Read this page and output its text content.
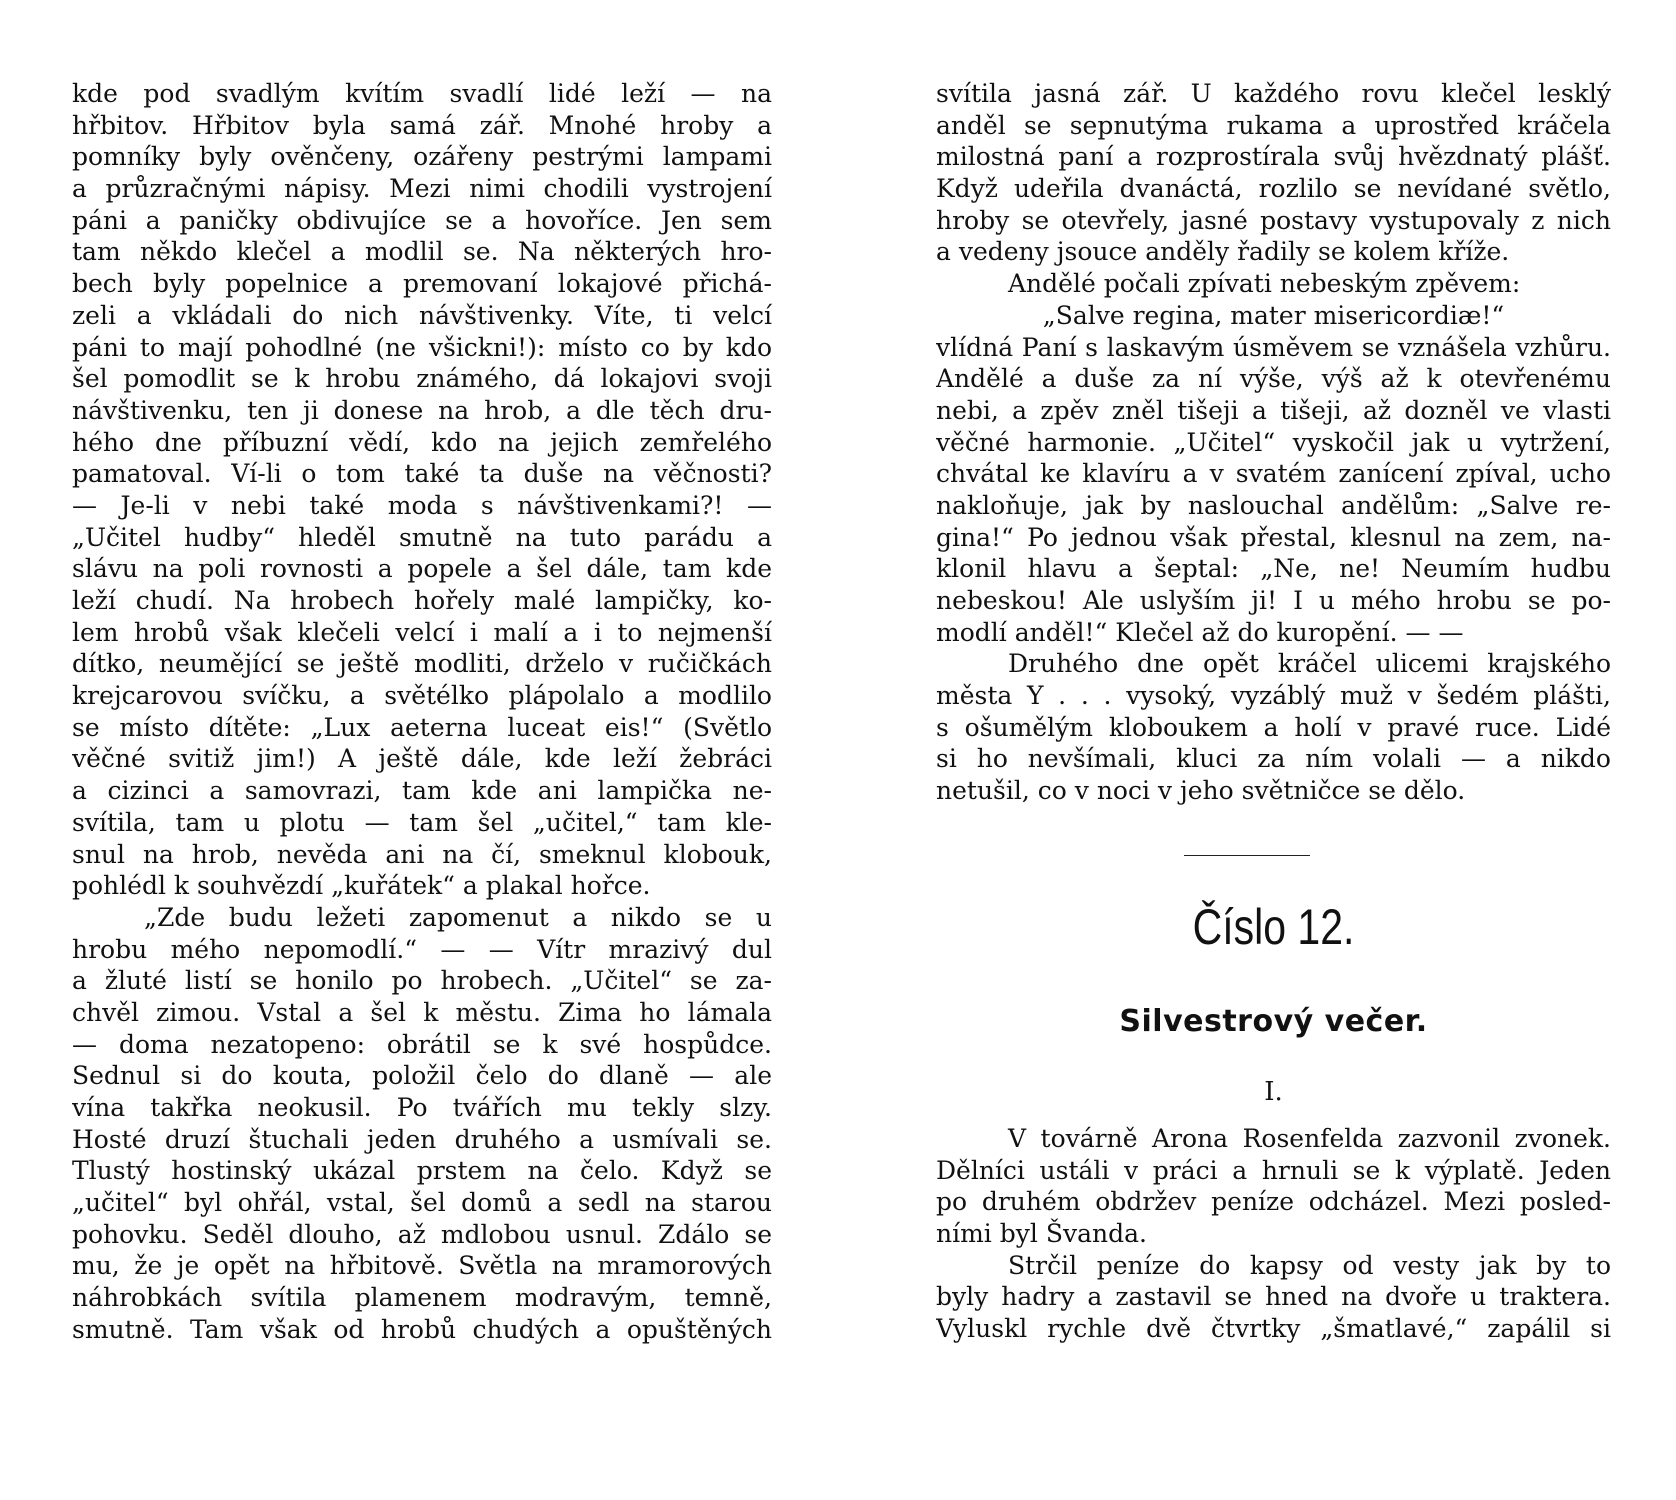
kde pod svadlým kvítím svadlí lidé leží — na
hřbitov. Hřbitov byla samá zář. Mnohé hroby a
pomníky byly ověnčeny, ozářeny pestrými lampami
a průzračnými nápisy. Mezi nimi chodili vystrojení
páni a paničky obdivujíce se a hovoříce. Jen sem
tam někdo klečel a modlil se. Na některých hro-
bech byly popelnice a premovaní lokajové přichá-
zeli a vkládali do nich návštivenky. Víte, ti velcí
páni to mají pohodlné (ne všickni!): místo co by kdo
šel pomodlit se k hrobu známého, dá lokajovi svoji
návštivenku, ten ji donese na hrob, a dle těch dru-
hého dne příbuzní vědí, kdo na jejich zemřelého
pamatoval. Ví-li o tom také ta duše na věčnosti?
— Je-li v nebi také moda s návštivenkami?! —
„Učitel hudby“ hleděl smutně na tuto parádu a
slávu na poli rovnosti a popele a šel dále, tam kde
leží chudí. Na hrobech hořely malé lampičky, ko-
lem hrobů však klečeli velcí i malí a i to nejmenší
dítko, neumějící se ještě modliti, drželo v ručičkách
krejcarovou svíčku, a světélko plápolalo a modlilo
se místo dítěte: „Lux aeterna luceat eis!“ (Světlo
věčné svitiž jim!) A ještě dále, kde leží žebráci
a cizinci a samovrazi, tam kde ani lampička ne-
svítila, tam u plotu — tam šel „učitel,“ tam kle-
snul na hrob, nevěda ani na čí, smeknul klobouk,
pohlédl k souhvězdí „kuřátek“ a plakal hořce.
„Zde budu ležeti zapomenut a nikdo se u
hrobu mého nepomodlí.“ — — Vítr mrazivý dul
a žluté listí se honilo po hrobech. „Učitel“ se za-
chvěl zimou. Vstal a šel k městu. Zima ho lámala
— doma nezatopeno: obrátil se k své hospůdce.
Sednul si do kouta, položil čelo do dlaně — ale
vína takřka neokusil. Po tvářích mu tekly slzy.
Hosté druzí štuchali jeden druhého a usmívali se.
Tlustý hostinský ukázal prstem na čelo. Když se
„učitel“ byl ohřál, vstal, šel domů a sedl na starou
pohovku. Seděl dlouho, až mdlobou usnul. Zdálo se
mu, že je opět na hřbitově. Světla na mramorových
náhrobkách svítila plamenem modravým, temně,
smutně. Tam však od hrobů chudých a opuštěných
svítila jasná zář. U každého rovu klečel lesklý
anděl se sepnutýma rukama a uprostřed kráčela
milostná paní a rozprostírala svůj hvězdnatý plášť.
Když udeřila dvanáctá, rozlilo se nevídané světlo,
hroby se otevřely, jasné postavy vystupovaly z nich
a vedeny jsouce anděly řadily se kolem kříže.
Andělé počali zpívati nebeským zpěvem:
„Salve regina, mater misericordiæ!“
vlídná Paní s laskavým úsměvem se vznášela vzhůru.
Andělé a duše za ní výše, výš až k otevřenému
nebi, a zpěv zněl tišeji a tišeji, až dozněl ve vlasti
věčné harmonie. „Učitel“ vyskočil jak u vytržení,
chvátal ke klavíru a v svatém zanícení zpíval, ucho
nakloňuje, jak by naslouchal andělům: „Salve re-
gina!“ Po jednou však přestal, klesnul na zem, na-
klonil hlavu a šeptal: „Ne, ne! Neumím hudbu
nebeskou! Ale uslyším ji! I u mého hrobu se po-
modlí anděl!“ Klečel až do kuropění. — —
Druhého dne opět kráčel ulicemi krajského
města Y . . . vysoký, vyzáblý muž v šedém plášti,
s ošumělým kloboukem a holí v pravé ruce. Lidé
si ho nevšímali, kluci za ním volali — a nikdo
netušil, co v noci v jeho světničce se dělo.
Číslo 12.
Silvestrový večer.
I.
V továrně Arona Rosenfelda zazvonil zvonek.
Dělníci ustáli v práci a hrnuli se k výplatě. Jeden
po druhém obdržev peníze odcházel. Mezi posled-
ními byl Švanda.
Strčil peníze do kapsy od vesty jak by to
byly hadry a zastavil se hned na dvoře u traktera.
Vyluskl rychle dvě čtvrtky „šmatlavé,“ zapálil si
